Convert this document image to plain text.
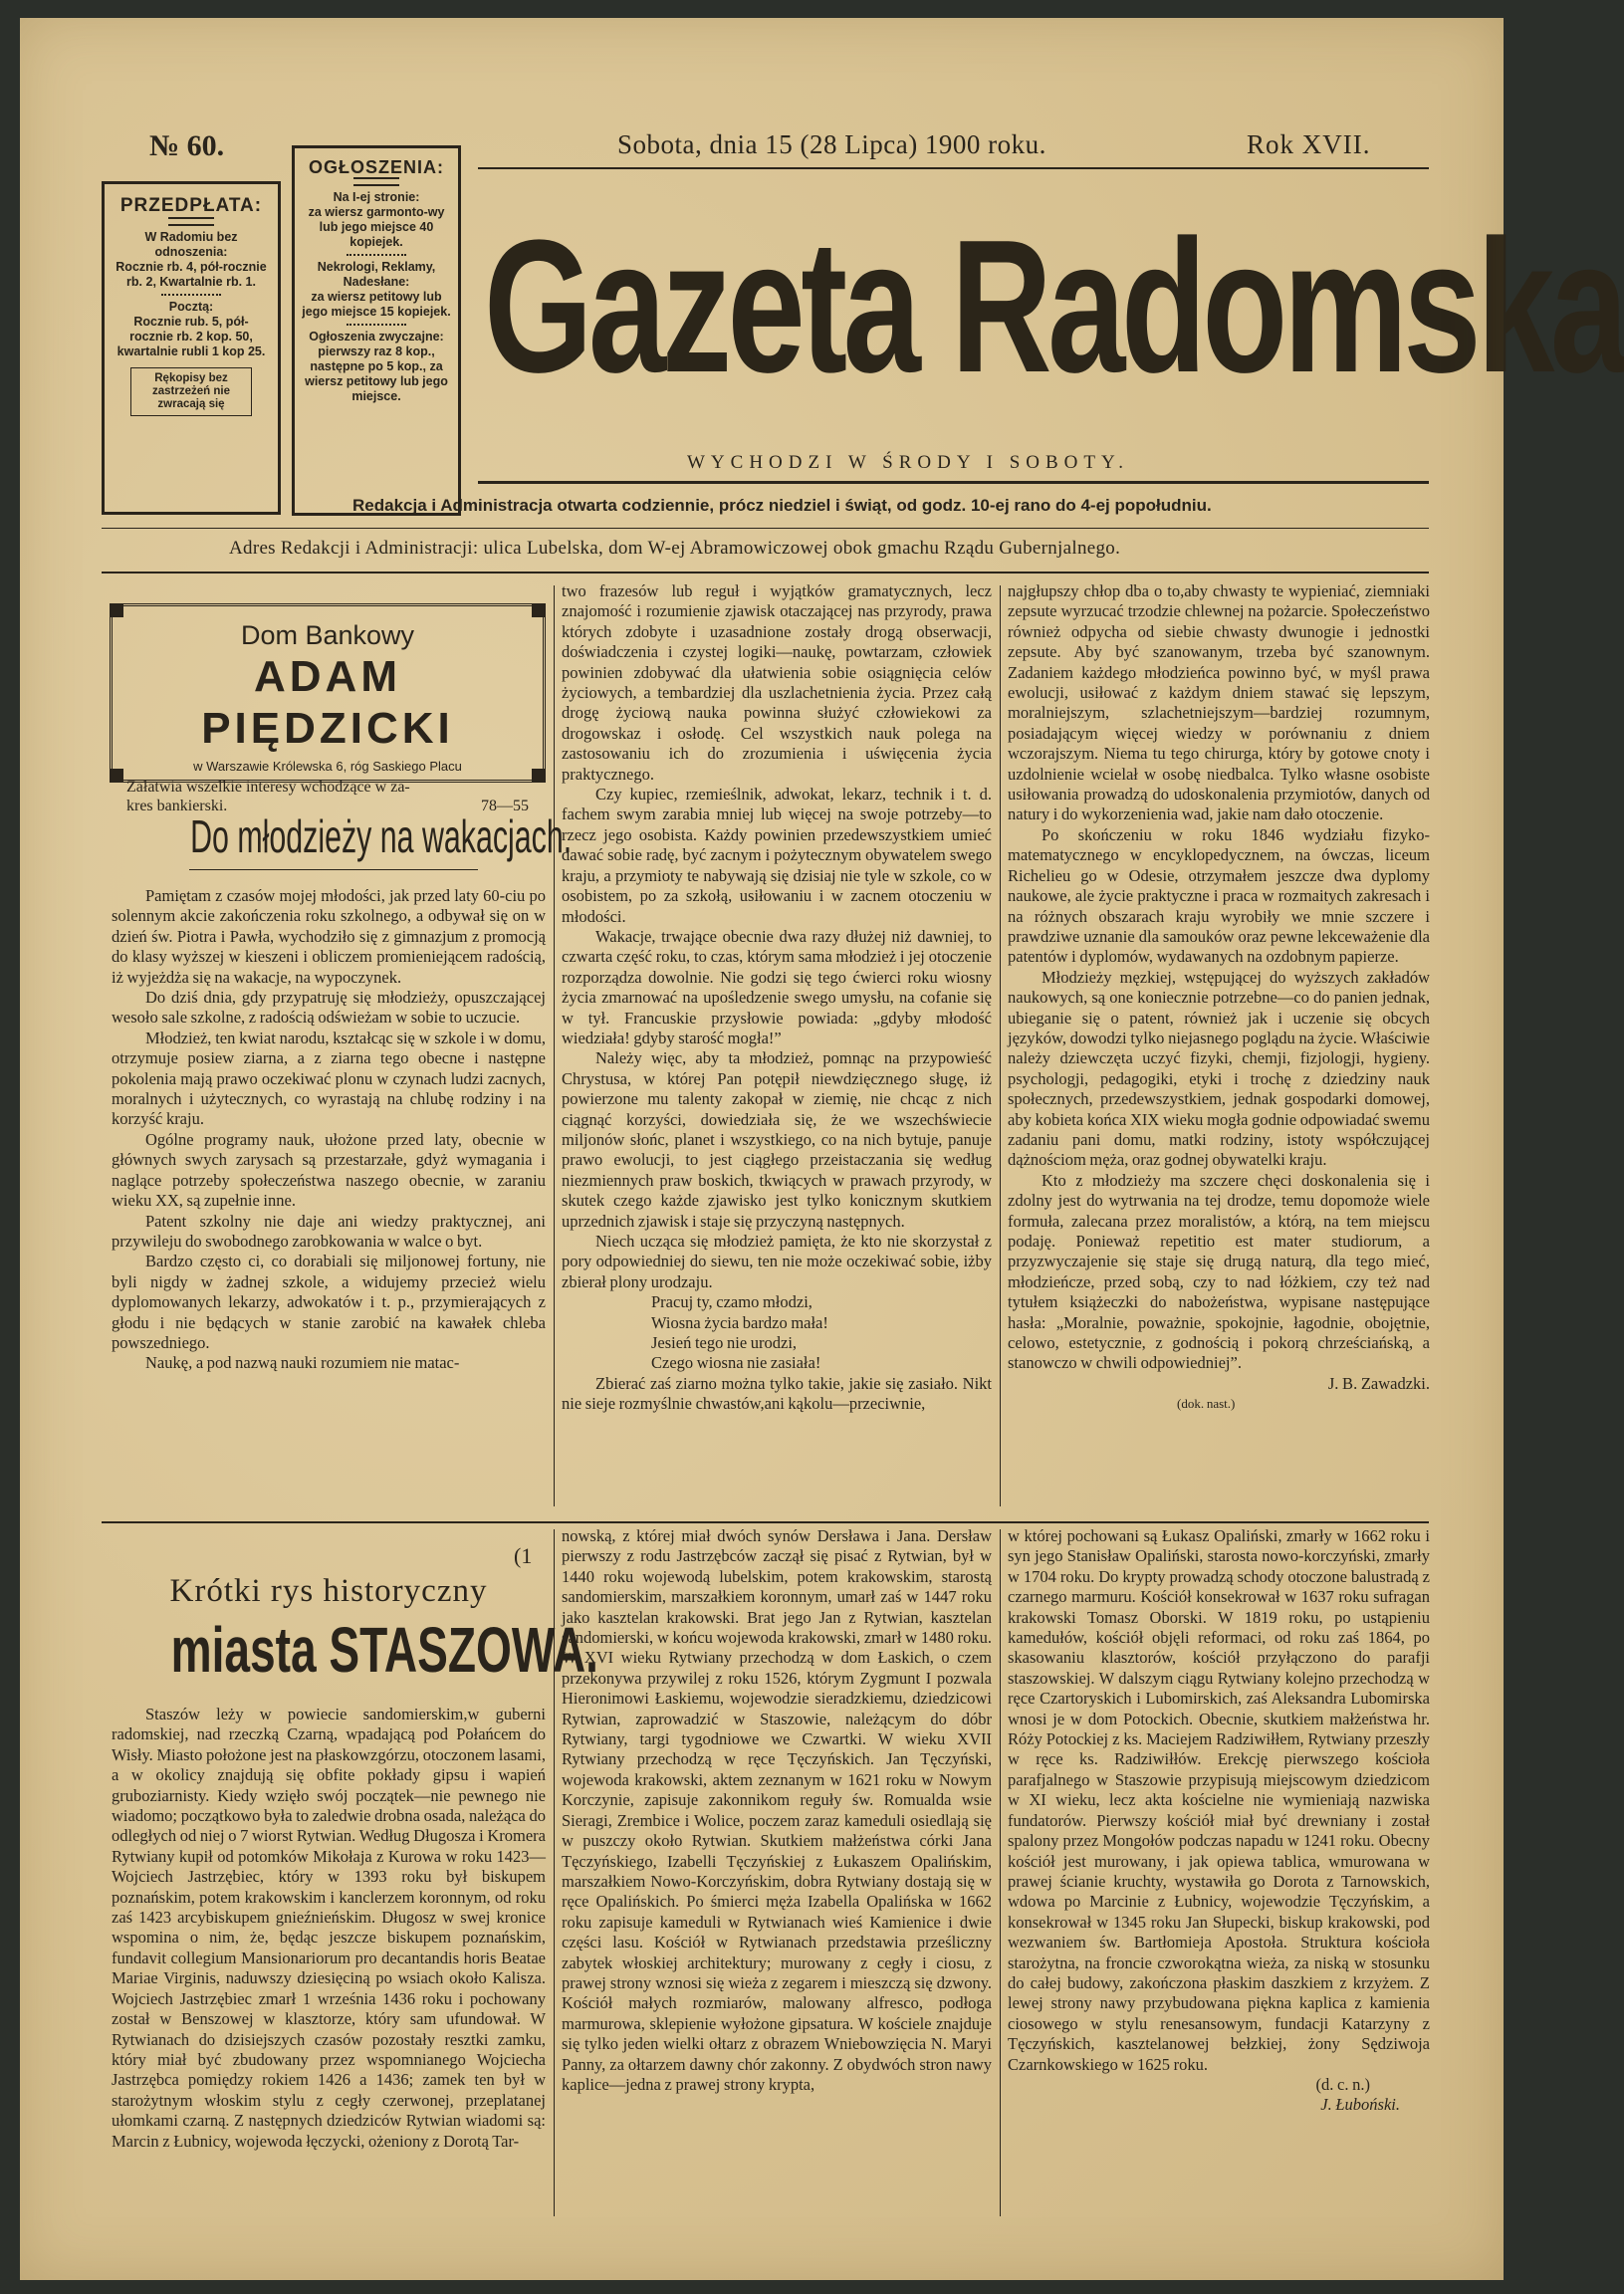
№ 60.
PRZEDPŁATA:
W Radomiu bez odnoszenia:
Rocznie rb. 4, pół-rocznie rb. 2, Kwartalnie rb. 1.
Pocztą:
Rocznie rub. 5, pół-rocznie rb. 2 kop. 50, kwartalnie rubli 1 kop 25.
Rękopisy bez zastrzeżeń nie zwracają się
OGŁOSZENIA:
Na I-ej stronie:
za wiersz garmonto-wy lub jego miejsce 40 kopiejek.
Nekrologi, Reklamy, Nadesłane:
za wiersz petitowy lub jego miejsce 15 kopiejek.
Ogłoszenia zwyczajne:
pierwszy raz 8 kop., następne po 5 kop., za wiersz petitowy lub jego miejsce.
Sobota, dnia 15 (28 Lipca) 1900 roku.	Rok XVII.
Gazeta Radomska
WYCHODZI W ŚRODY I SOBOTY.
Redakcja i Administracja otwarta codziennie, prócz niedziel i świąt, od godz. 10-ej rano do 4-ej popołudniu.
Adres Redakcji i Administracji: ulica Lubelska, dom W-ej Abramowiczowej obok gmachu Rządu Gubernjalnego.
Dom Bankowy
ADAM PIĘDZICKI
w Warszawie Królewska 6, róg Saskiego Placu
Załatwia wszelkie interesy wchodzące w za-
kres bankierski.	78—55
Do młodzieży na wakacjach.

Pamiętam z czasów mojej młodości, jak przed laty 60-ciu po solennym akcie zakończenia roku szkolnego, a odbywał się on w dzień św. Piotra i Pawła, wychodziło się z gimnazjum z promocją do klasy wyższej w kieszeni i obliczem promieniejącem radością, iż wyjeżdża się na wakacje, na wypoczynek.

Do dziś dnia, gdy przypatruję się młodzieży, opuszczającej wesoło sale szkolne, z radością odświeżam w sobie to uczucie.

Młodzież, ten kwiat narodu, kształcąc się w szkole i w domu, otrzymuje posiew ziarna, a z ziarna tego obecne i następne pokolenia mają prawo oczekiwać plonu w czynach ludzi zacnych, moralnych i użytecznych, co wyrastają na chlubę rodziny i na korzyść kraju.

Ogólne programy nauk, ułożone przed laty, obecnie w głównych swych zarysach są przestarzałe, gdyż wymagania i naglące potrzeby społeczeństwa naszego obecnie, w zaraniu wieku XX, są zupełnie inne.

Patent szkolny nie daje ani wiedzy praktycznej, ani przywileju do swobodnego zarobkowania w walce o byt.

Bardzo często ci, co dorabiali się miljonowej fortuny, nie byli nigdy w żadnej szkole, a widujemy przecież wielu dyplomowanych lekarzy, adwokatów i t. p., przymierających z głodu i nie będących w stanie zarobić na kawałek chleba powszedniego.

Naukę, a pod nazwą nauki rozumiem nie matac-

two frazesów lub reguł i wyjątków gramatycznych, lecz znajomość i rozumienie zjawisk otaczającej nas przyrody, prawa których zdobyte i uzasadnione zostały drogą obserwacji, doświadczenia i czystej logiki—naukę, powtarzam, człowiek powinien zdobywać dla ułatwienia sobie osiągnięcia celów życiowych, a tembardziej dla uszlachetnienia życia. Przez całą drogę życiową nauka powinna służyć człowiekowi za drogowskaz i osłodę. Cel wszystkich nauk polega na zastosowaniu ich do zrozumienia i uświęcenia życia praktycznego.

Czy kupiec, rzemieślnik, adwokat, lekarz, technik i t. d. fachem swym zarabia mniej lub więcej na swoje potrzeby—to rzecz jego osobista. Każdy powinien przedewszystkiem umieć dawać sobie radę, być zacnym i pożytecznym obywatelem swego kraju, a przymioty te nabywają się dzisiaj nie tyle w szkole, co w osobistem, po za szkołą, usiłowaniu i w zacnem otoczeniu w młodości.

Wakacje, trwające obecnie dwa razy dłużej niż dawniej, to czwarta część roku, to czas, którym sama młodzież i jej otoczenie rozporządza dowolnie. Nie godzi się tego ćwierci roku wiosny życia zmarnować na upośledzenie swego umysłu, na cofanie się w tył. Francuskie przysłowie powiada: „gdyby młodość wiedziała! gdyby starość mogła!”

Należy więc, aby ta młodzież, pomnąc na przypowieść Chrystusa, w której Pan potępił niewdzięcznego sługę, iż powierzone mu talenty zakopał w ziemię, nie chcąc z nich ciągnąć korzyści, dowiedziała się, że we wszechświecie miljonów słońc, planet i wszystkiego, co na nich bytuje, panuje prawo ewolucji, to jest ciągłego przeistaczania się według niezmiennych praw boskich, tkwiących w prawach przyrody, w skutek czego każde zjawisko jest tylko konicznym skutkiem uprzednich zjawisk i staje się przyczyną następnych.

Niech ucząca się młodzież pamięta, że kto nie skorzystał z pory odpowiedniej do siewu, ten nie może oczekiwać sobie, iżby zbierał plony urodzaju.

Pracuj ty, czamo młodzi,

Wiosna życia bardzo mała!

Jesień tego nie urodzi,

Czego wiosna nie zasiała!

Zbierać zaś ziarno można tylko takie, jakie się zasiało. Nikt nie sieje rozmyślnie chwastów,ani kąkolu—przeciwnie,

najgłupszy chłop dba o to,aby chwasty te wypieniać, ziemniaki zepsute wyrzucać trzodzie chlewnej na pożarcie. Społeczeństwo również odpycha od siebie chwasty dwunogie i jednostki zepsute. Aby być szanowanym, trzeba być szanownym. Zadaniem każdego młodzieńca powinno być, w myśl prawa ewolucji, usiłować z każdym dniem stawać się lepszym, moralniejszym, szlachetniejszym—bardziej rozumnym, posiadającym więcej wiedzy w porównaniu z dniem wczorajszym. Niema tu tego chirurga, który by gotowe cnoty i uzdolnienie wcielał w osobę niedbalca. Tylko własne osobiste usiłowania prowadzą do udoskonalenia przymiotów, danych od natury i do wykorzenienia wad, jakie nam dało otoczenie.

Po skończeniu w roku 1846 wydziału fizyko-matematycznego w encyklopedycznem, na ówczas, liceum Richelieu go w Odesie, otrzymałem jeszcze dwa dyplomy naukowe, ale życie praktyczne i praca w rozmaitych zakresach i na różnych obszarach kraju wyrobiły we mnie szczere i prawdziwe uznanie dla samouków oraz pewne lekceważenie dla patentów i dyplomów, wydawanych na ozdobnym papierze.

Młodzieży męzkiej, wstępującej do wyższych zakładów naukowych, są one koniecznie potrzebne—co do panien jednak, ubieganie się o patent, również jak i uczenie się obcych języków, dowodzi tylko niejasnego poglądu na życie. Właściwie należy dziewczęta uczyć fizyki, chemji, fizjologji, hygieny. psychologji, pedagogiki, etyki i trochę z dziedziny nauk społecznych, przedewszystkiem, jednak gospodarki domowej, aby kobieta końca XIX wieku mogła godnie odpowiadać swemu zadaniu pani domu, matki rodziny, istoty współczującej dążnościom męża, oraz godnej obywatelki kraju.

Kto z młodzieży ma szczere chęci doskonalenia się i zdolny jest do wytrwania na tej drodze, temu dopomoże wiele formuła, zalecana przez moralistów, a którą, na tem miejscu podaję. Ponieważ repetitio est mater studiorum, a przyzwyczajenie się staje się drugą naturą, dla tego mieć, młodzieńcze, przed sobą, czy to nad łóżkiem, czy też nad tytułem książeczki do nabożeństwa, wypisane następujące hasła: „Moralnie, poważnie, spokojnie, łagodnie, obojętnie, celowo, estetycznie, z godnością i pokorą chrześciańską, a stanowczo w chwili odpowiedniej”.

J. B. Zawadzki.

(dok. nast.)

(1
Krótki rys historyczny
miasta STASZOWA.

Staszów leży w powiecie sandomierskim,w guberni radomskiej, nad rzeczką Czarną, wpadającą pod Połańcem do Wisły. Miasto położone jest na płaskowzgórzu, otoczonem lasami, a w okolicy znajdują się obfite pokłady gipsu i wapień gruboziarnisty. Kiedy wzięło swój początek—nie pewnego nie wiadomo; początkowo była to zaledwie drobna osada, należąca do odległych od niej o 7 wiorst Rytwian. Według Długosza i Kromera Rytwiany kupił od potomków Mikołaja z Kurowa w roku 1423—Wojciech Jastrzębiec, który w 1393 roku był biskupem poznańskim, potem krakowskim i kanclerzem koronnym, od roku zaś 1423 arcybiskupem gnieźnieńskim. Długosz w swej kronice wspomina o nim, że, będąc jeszcze biskupem poznańskim, fundavit collegium Mansionariorum pro decantandis horis Beatae Mariae Virginis, naduwszy dziesięciną po wsiach około Kalisza. Wojciech Jastrzębiec zmarł 1 września 1436 roku i pochowany został w Benszowej w klasztorze, który sam ufundował. W Rytwianach do dzisiejszych czasów pozostały resztki zamku, który miał być zbudowany przez wspomnianego Wojciecha Jastrzębca pomiędzy rokiem 1426 a 1436; zamek ten był w starożytnym włoskim stylu z cegły czerwonej, przeplatanej ułomkami czarną. Z następnych dziedziców Rytwian wiadomi są: Marcin z Łubnicy, wojewoda łęczycki, ożeniony z Dorotą Tar-

nowską, z której miał dwóch synów Dersława i Jana. Dersław pierwszy z rodu Jastrzębców zaczął się pisać z Rytwian, był w 1440 roku wojewodą lubelskim, potem krakowskim, starostą sandomierskim, marszałkiem koronnym, umarł zaś w 1447 roku jako kasztelan krakowski. Brat jego Jan z Rytwian, kasztelan sandomierski, w końcu wojewoda krakowski, zmarł w 1480 roku. W XVI wieku Rytwiany przechodzą w dom Łaskich, o czem przekonywa przywilej z roku 1526, którym Zygmunt I pozwala Hieronimowi Łaskiemu, wojewodzie sieradzkiemu, dziedzicowi Rytwian, zaprowadzić w Staszowie, należącym do dóbr Rytwiany, targi tygodniowe we Czwartki. W wieku XVII Rytwiany przechodzą w ręce Tęczyńskich. Jan Tęczyński, wojewoda krakowski, aktem zeznanym w 1621 roku w Nowym Korczynie, zapisuje zakonnikom reguły św. Romualda wsie Sieragi, Zrembice i Wolice, poczem zaraz kameduli osiedlają się w puszczy około Rytwian. Skutkiem małżeństwa córki Jana Tęczyńskiego, Izabelli Tęczyńskiej z Łukaszem Opalińskim, marszałkiem Nowo-Korczyńskim, dobra Rytwiany dostają się w ręce Opalińskich. Po śmierci męża Izabella Opalińska w 1662 roku zapisuje kameduli w Rytwianach wieś Kamienice i dwie części lasu. Kościół w Rytwianach przedstawia prześliczny zabytek włoskiej architektury; murowany z cegły i ciosu, z prawej strony wznosi się wieża z zegarem i mieszczą się dzwony. Kościół małych rozmiarów, malowany alfresco, podłoga marmurowa, sklepienie wyłożone gipsatura. W kościele znajduje się tylko jeden wielki ołtarz z obrazem Wniebowzięcia N. Maryi Panny, za ołtarzem dawny chór zakonny. Z obydwóch stron nawy kaplice—jedna z prawej strony krypta,

w której pochowani są Łukasz Opaliński, zmarły w 1662 roku i syn jego Stanisław Opaliński, starosta nowo-korczyński, zmarły w 1704 roku. Do krypty prowadzą schody otoczone balustradą z czarnego marmuru. Kościół konsekrował w 1637 roku sufragan krakowski Tomasz Oborski. W 1819 roku, po ustąpieniu kamedułów, kościół objęli reformaci, od roku zaś 1864, po skasowaniu klasztorów, kościół przyłączono do parafji staszowskiej. W dalszym ciągu Rytwiany kolejno przechodzą w ręce Czartoryskich i Lubomirskich, zaś Aleksandra Lubomirska wnosi je w dom Potockich. Obecnie, skutkiem małżeństwa hr. Róży Potockiej z ks. Maciejem Radziwiłłem, Rytwiany przeszły w ręce ks. Radziwiłłów. Erekcję pierwszego kościoła parafjalnego w Staszowie przypisują miejscowym dziedzicom w XI wieku, lecz akta kościelne nie wymieniają nazwiska fundatorów. Pierwszy kościół miał być drewniany i został spalony przez Mongołów podczas napadu w 1241 roku. Obecny kościół jest murowany, i jak opiewa tablica, wmurowana w prawej ścianie kruchty, wystawiła go Dorota z Tarnowskich, wdowa po Marcinie z Łubnicy, wojewodzie Tęczyńskim, a konsekrował w 1345 roku Jan Słupecki, biskup krakowski, pod wezwaniem św. Bartłomieja Apostoła. Struktura kościoła starożytna, na froncie czworokątna wieża, za niską w stosunku do całej budowy, zakończona płaskim daszkiem z krzyżem. Z lewej strony nawy przybudowana piękna kaplica z kamienia ciosowego w stylu renesansowym, fundacji Katarzyny z Tęczyńskich, kasztelanowej bełzkiej, żony Sędziwoja Czarnkowskiego w 1625 roku.

(d. c. n.)

J. Łuboński.
